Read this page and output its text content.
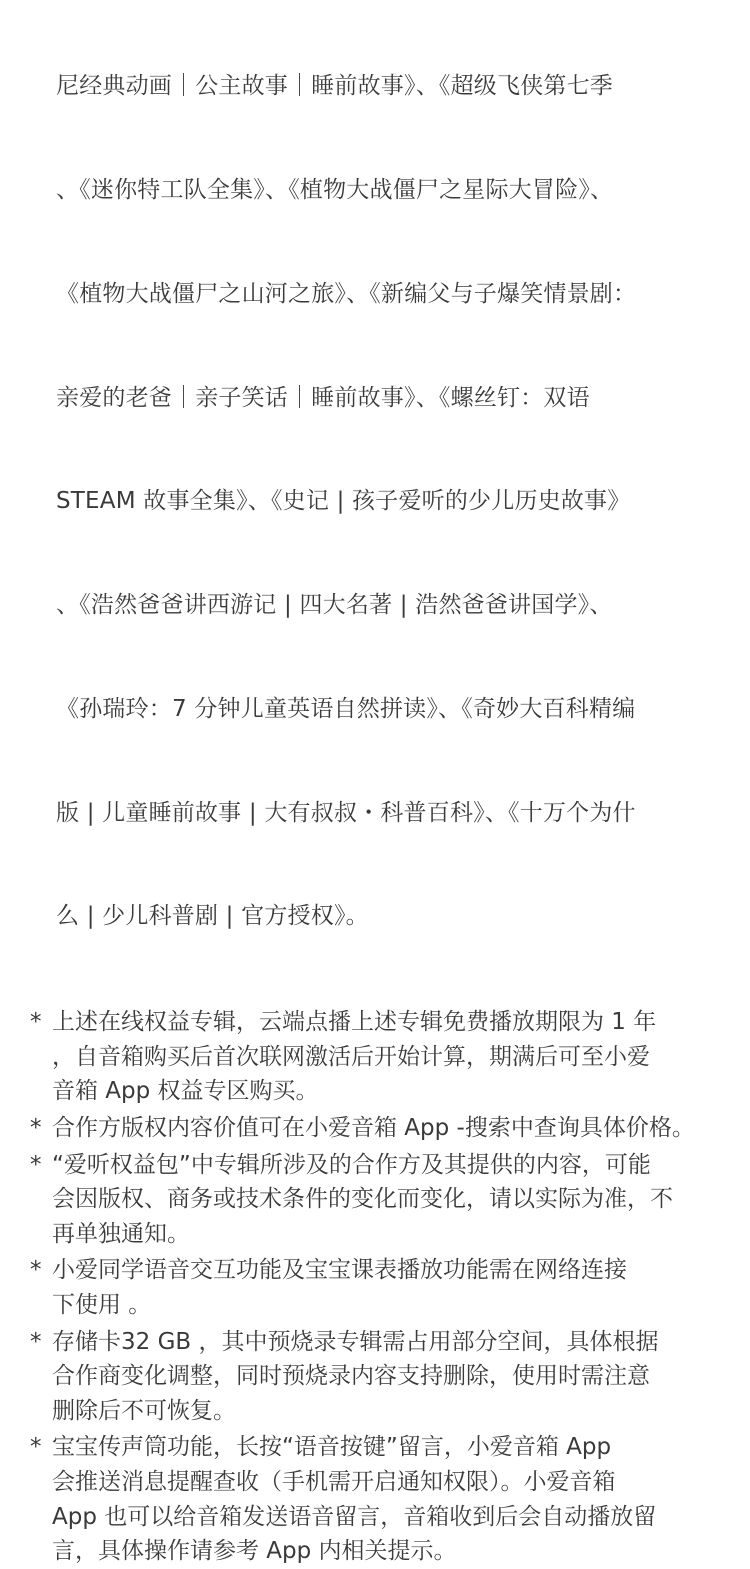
尼经典动画｜公主故事｜睡前故事》、《超级飞侠第七季

、《迷你特工队全集》、《植物大战僵尸之星际大冒险》、

《植物大战僵尸之山河之旅》、《新编父与子爆笑情景剧：

亲爱的老爸｜亲子笑话｜睡前故事》、《螺丝钉：双语

STEAM 故事全集》、《史记 | 孩子爱听的少儿历史故事》

、《浩然爸爸讲西游记 | 四大名著 | 浩然爸爸讲国学》、

《孙瑞玲：7 分钟儿童英语自然拼读》、《奇妙大百科精编

版 | 儿童睡前故事 | 大有叔叔・科普百科》、《十万个为什

么 | 少儿科普剧 | 官方授权》。

* 上述在线权益专辑，云端点播上述专辑免费播放期限为 1 年
，自音箱购买后首次联网激活后开始计算，期满后可至小爱
音箱 App 权益专区购买。
* 合作方版权内容价值可在小爱音箱 App -搜索中查询具体价格。
* “爱听权益包”中专辑所涉及的合作方及其提供的内容，可能
会因版权、商务或技术条件的变化而变化，请以实际为准，不
再单独通知。
* 小爱同学语音交互功能及宝宝课表播放功能需在网络连接
下使用 。
* 存储卡32 GB ，其中预烧录专辑需占用部分空间，具体根据
合作商变化调整，同时预烧录内容支持删除，使用时需注意
删除后不可恢复。
* 宝宝传声筒功能，长按“语音按键”留言，小爱音箱 App
会推送消息提醒查收（手机需开启通知权限）。小爱音箱
App 也可以给音箱发送语音留言，音箱收到后会自动播放留
言，具体操作请参考 App 内相关提示。
